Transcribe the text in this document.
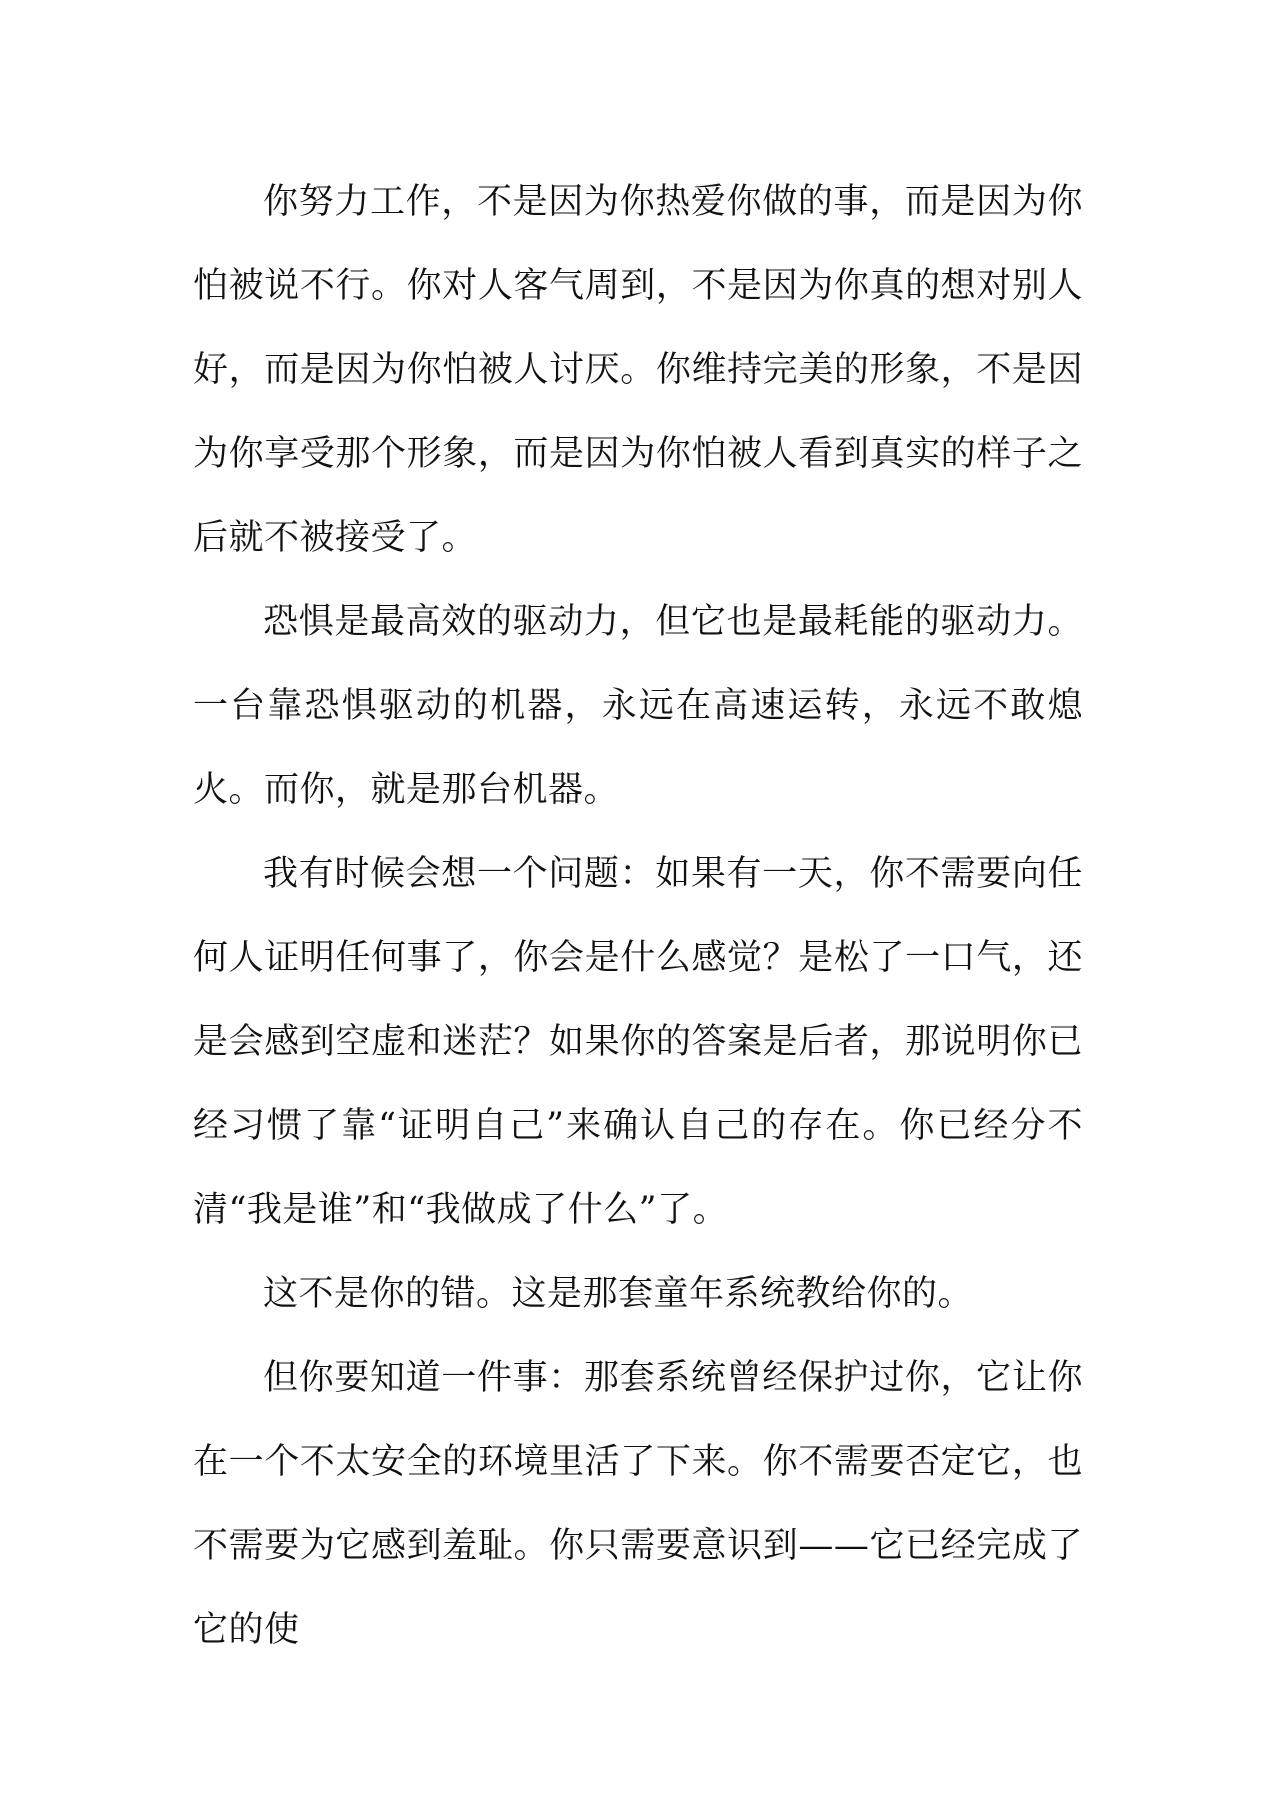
你努力工作，不是因为你热爱你做的事，而是因为你怕被说不行。你对人客气周到，不是因为你真的想对别人好，而是因为你怕被人讨厌。你维持完美的形象，不是因为你享受那个形象，而是因为你怕被人看到真实的样子之后就不被接受了。

恐惧是最高效的驱动力，但它也是最耗能的驱动力。一台靠恐惧驱动的机器，永远在高速运转，永远不敢熄火。而你，就是那台机器。

我有时候会想一个问题：如果有一天，你不需要向任何人证明任何事了，你会是什么感觉？是松了一口气，还是会感到空虚和迷茫？如果你的答案是后者，那说明你已经习惯了靠“证明自己”来确认自己的存在。你已经分不清“我是谁”和“我做成了什么”了。

这不是你的错。这是那套童年系统教给你的。

但你要知道一件事：那套系统曾经保护过你，它让你在一个不太安全的环境里活了下来。你不需要否定它，也不需要为它感到羞耻。你只需要意识到——它已经完成了它的使
